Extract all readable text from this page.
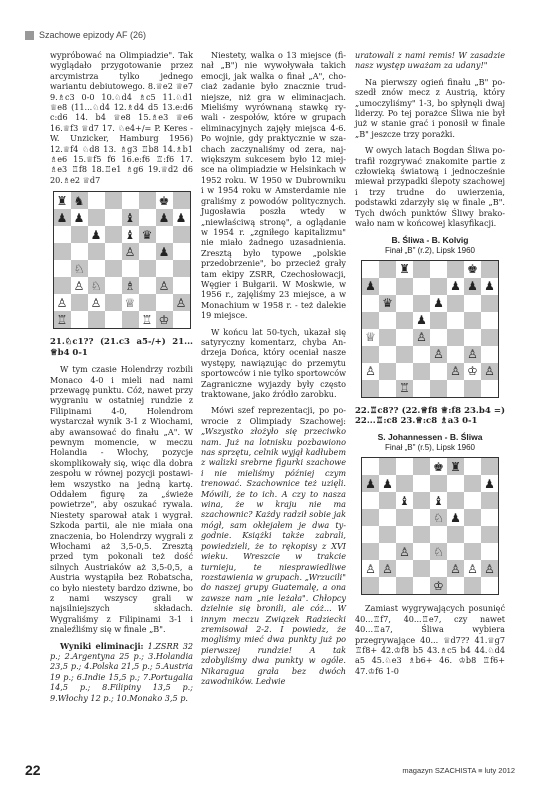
Szachowe epizody AF (26)

wypróbować na Olimpiadzie". Tak wyglądało przygotowanie przez arcymistrza tylko jednego wariantu debiutowego. 8.♕e2 ♕e7 9.♗c3 0-0 10.♘d4 ♗c5 11.♘d1 ♕e8 (11...♘d4 12.♗d4 d5 13.e:d6 c:d6 14. b4 ♕e8 15.♗e3 ♕e6 16.♕f3 ♕d7 17. ♘e4+/= P. Keres - W. Unzicker, Hamburg 1956) 12.♕f4 ♘d8 13. ♗g3 ♖b8 14.♗b1 ♗e6 15.♕f5 f6 16.e:f6 ♖:f6 17. ♗e3 ♖f8 18.♖e1 ♗g6 19.♕d2 d6 20.♗e2 ♕d7

♜ ♞	♚
♟ ♟	♝ ♟ ♟
♟ ♝ ♛
♙ ♟
♘
♙ ♘ ♗ ♙
♙ ♙ ♕	♙
♖	♖ ♔

21.♘c1?? (21.c3 a5-/+) 21... ♕b4 0-1

W tym czasie Holendrzy rozbili Monaco 4-0 i mieli nad nami przewagę punktu. Cóż, nawet przy wygraniu w ostatniej rundzie z Filipinami 4-0, Holendrom wystarczał wynik 3-1 z Wiochami, aby awansować do finału „A". W pewnym momencie, w meczu Holandia - Włochy, pozycje skomplikowały się, więc dla dobra zespołu w równej pozycji postawiłem wszystko na jedną kartę. Oddałem figurę za „świeże powietrze", aby oszukać rywala. Niestety sparował atak i wygrał. Szkoda partii, ale nie miała ona znaczenia, bo Holendrzy wygrali z Włochami aż 3,5-0,5. Zresztą przed tym pokonali też dość silnych Austriaków aż 3,5-0,5, a Austria wystąpiła bez Robatscha, co było niestety bardzo dziwne, bo z nami wszyscy grali w najsilniejszych składach. Wygraliśmy z Filipinami 3-1 i znaleźliśmy się w finale „B".

Wyniki eliminacji: 1.ZSRR 32 p.; 2.Argentyna 25 p.; 3.Holandia 23,5 p.; 4.Polska 21,5 p.; 5.Austria 19 p.; 6.Indie 15,5 p.; 7.Portugalia 14,5 p.; 8.Filipiny 13,5 p.; 9.Włochy 12 p.; 10.Monako 3,5 p.

Niestety, walka o 13 miejsce (finał „B") nie wywoływała takich emocji, jak walka o finał „A", chociaż zadanie było znacznie trudniejsze, niż gra w eliminacjach. Mieliśmy wyrównaną stawkę rywali - zespołów, które w grupach eliminacyjnych zajęły miejsca 4-6. Po wojnie, gdy praktycznie w szachach zaczynaliśmy od zera, największym sukcesem było 12 miejsce na olimpiadzie w Helsinkach w 1952 roku. W 1950 w Dubrowniku i w 1954 roku w Amsterdamie nie graliśmy z powodów politycznych. Jugosławia poszła wtedy w „niewłaściwą stronę", a oglądanie w 1954 r. „zgniłego kapitalizmu" nie miało żadnego uzasadnienia. Zresztą było typowe „polskie przedobrzenie", bo przecież grały tam ekipy ZSRR, Czechosłowacji, Węgier i Bułgarii. W Moskwie, w 1956 r., zajęliśmy 23 miejsce, a w Monachium w 1958 r. - też dalekie 19 miejsce.

W końcu lat 50-tych, ukazał się satyryczny komentarz, chyba Andrzeja Dońca, który oceniał nasze występy, nawiązując do przemytu sportowców i nie tylko sportowców Zagraniczne wyjazdy były często traktowane, jako źródło zarobku.

Mówi szef reprezentacji, po powrocie z Olimpiady Szachowej: „Wszystko złożyło się przeciwko nam. Już na lotnisku pozbawiono nas sprzętu, celnik wyjął kadłubem z walizki srebrne figurki szachowe i nie mieliśmy później czym trenować. Szachownice też uzięli. Mówili, że to ich. A czy to nasza wina, że w kraju nie ma szachownic? Każdy radził sobie jak mógł, sam okłejałem je dwa tygodnie. Książki także zabrali, powiedzieli, że to rękopisy z XVI wieku. Wreszcie w trakcie turnieju, te niesprawiedliwe rozstawienia w grupach. „Wrzucili" do naszej grupy Guatemalę, a ona zawsze nam „nie leżała". Chłopcy dzielnie się bronili, ale cóż... W innym meczu Związek Radziecki zremisował 2-2. I powiedz, że mogliśmy mieć dwa punkty już po pierwszej rundzie! A tak zdobyliśmy dwa punkty w ogóle. Nikaragua grała bez dwóch zawodników. Ledwie

uratowali z nami remis! W zasadzie nasz występ uważam za udany!"

Na pierwszy ogień finału „B" poszedł znów mecz z Austrią, który „umoczyliśmy" 1-3, bo spłynęli dwaj liderzy. Po tej porażce Śliwa nie był już w stanie grać i ponosił w finale „B" jeszcze trzy porażki.

W owych latach Bogdan Śliwa potrafił rozgrywać znakomite partie z człowieką światową i jednocześnie miewał przypadki ślepoty szachowej i trzy trudne do uwierzenia, podstawki zdarzyły się w finale „B". Tych dwóch punktów Śliwy brakowało nam w końcowej klasyfikacji.

B. Śliwa - B. Kolvig
Finał „B" (r.2), Lipsk 1960
♜	♚
♟	♟ ♟ ♟
♛	♟
♟
♕	♙
♙ ♙
♙	♙ ♔ ♙
♖

22.♖c8?? (22.♕f8 ♕:f8 23.b4 =) 22...♖:c8 23.♕:c8 ♗a3 0-1

S. Johannessen - B. Śliwa
Finał „B" (r.5), Lipsk 1960
♚ ♜
♟ ♟	♟
♝ ♝
♘ ♟
♙ ♘
♙ ♙	♙ ♙ ♙
♔

Zamiast wygrywających posunięć 40...♖f7, 40...♖e7, czy nawet 40...♖a7, Śliwa wybiera przegrywające 40... ♕d7?? 41.♕g7 ♖f8+ 42.♔f8 b5 43.♗c5 b4 44.♘d4 a5 45.♘e3 ♗b6+ 46. ♔b8 ♖f6+ 47.♔f6 1-0

22	magazyn SZACHISTA ≡ luty 2012
